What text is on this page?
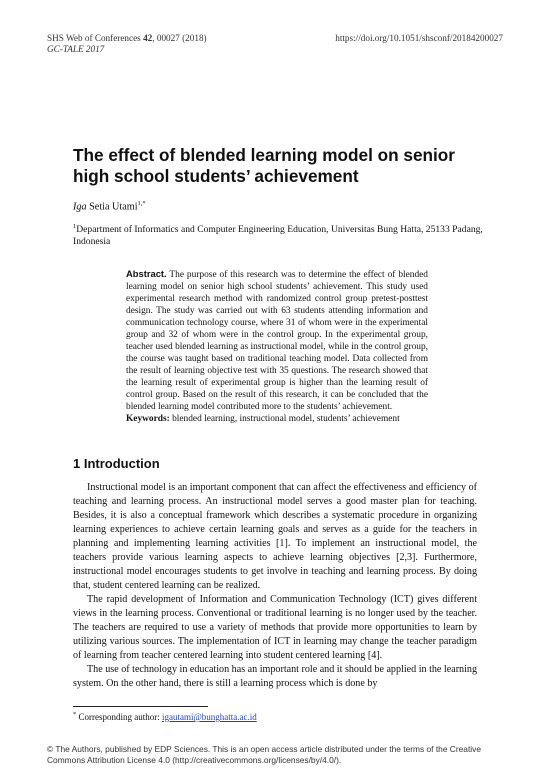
SHS Web of Conferences 42, 00027 (2018)	https://doi.org/10.1051/shsconf/20184200027
GC-TALE 2017
The effect of blended learning model on senior high school students’ achievement
Iga Setia Utami$^{1,*}$
$^1$Department of Informatics and Computer Engineering Education, Universitas Bung Hatta, 25133 Padang, Indonesia

Abstract. The purpose of this research was to determine the effect of blended learning model on senior high school students’ achievement. This study used experimental research method with randomized control group pretest-posttest design. The study was carried out with 63 students attending information and communication technology course, where 31 of whom were in the experimental group and 32 of whom were in the control group. In the experimental group, teacher used blended learning as instructional model, while in the control group, the course was taught based on traditional teaching model. Data collected from the result of learning objective test with 35 questions. The research showed that the learning result of experimental group is higher than the learning result of control group. Based on the result of this research, it can be concluded that the blended learning model contributed more to the students’ achievement.
Keywords: blended learning, instructional model, students’ achievement

1 Introduction

Instructional model is an important component that can affect the effectiveness and efficiency of teaching and learning process. An instructional model serves a good master plan for teaching. Besides, it is also a conceptual framework which describes a systematic procedure in organizing learning experiences to achieve certain learning goals and serves as a guide for the teachers in planning and implementing learning activities [1]. To implement an instructional model, the teachers provide various learning aspects to achieve learning objectives [2,3]. Furthermore, instructional model encourages students to get involve in teaching and learning process. By doing that, student centered learning can be realized.

The rapid development of Information and Communication Technology (ICT) gives different views in the learning process. Conventional or traditional learning is no longer used by the teacher. The teachers are required to use a variety of methods that provide more opportunities to learn by utilizing various sources. The implementation of ICT in learning may change the teacher paradigm of learning from teacher centered learning into student centered learning [4].

The use of technology in education has an important role and it should be applied in the learning system. On the other hand, there is still a learning process which is done by

* Corresponding author: igautami@bunghatta.ac.id
© The Authors, published by EDP Sciences. This is an open access article distributed under the terms of the Creative Commons Attribution License 4.0 (http://creativecommons.org/licenses/by/4.0/).
